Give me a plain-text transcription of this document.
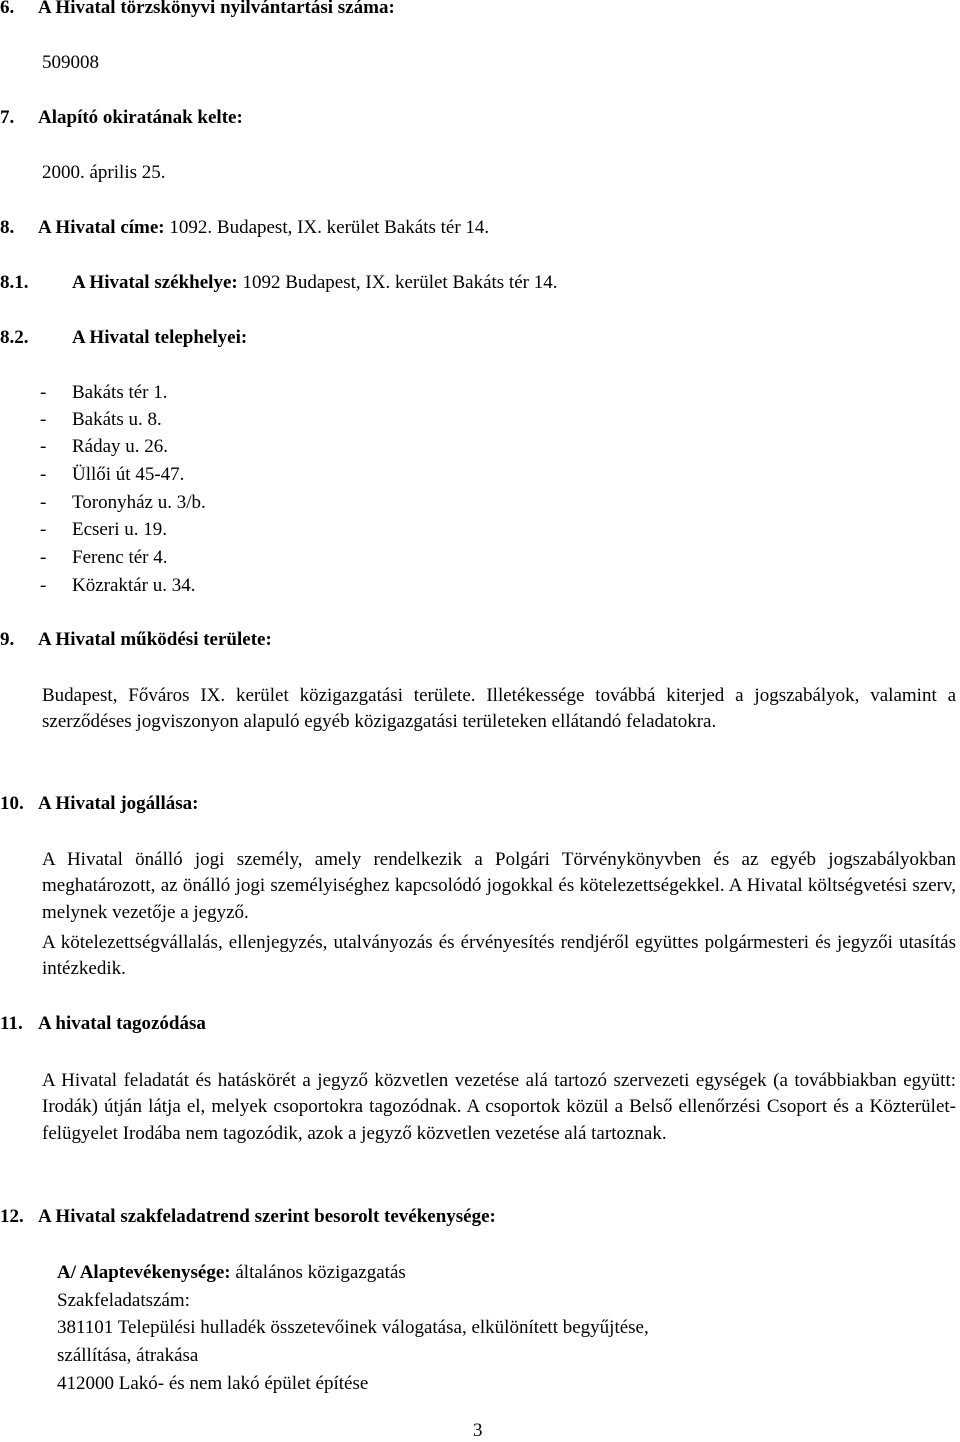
6. A Hivatal törzskönyvi nyilvántartási száma:
509008
7. Alapító okiratának kelte:
2000. április 25.
8. A Hivatal címe: 1092. Budapest, IX. kerület Bakáts tér 14.
8.1. A Hivatal székhelye: 1092 Budapest, IX. kerület Bakáts tér 14.
8.2. A Hivatal telephelyei:
- Bakáts tér 1.
- Bakáts u. 8.
- Ráday u. 26.
- Üllői út 45-47.
- Toronyház u. 3/b.
- Ecseri u. 19.
- Ferenc tér 4.
- Közraktár u. 34.
9. A Hivatal működési területe:
Budapest, Főváros IX. kerület közigazgatási területe. Illetékessége továbbá kiterjed a jogszabályok, valamint a szerződéses jogviszonyon alapuló egyéb közigazgatási területeken ellátandó feladatokra.
10. A Hivatal jogállása:
A Hivatal önálló jogi személy, amely rendelkezik a Polgári Törvénykönyvben és az egyéb jogszabályokban meghatározott, az önálló jogi személyiséghez kapcsolódó jogokkal és kötelezettségekkel. A Hivatal költségvetési szerv, melynek vezetője a jegyző.
A kötelezettségvállalás, ellenjegyzés, utalványozás és érvényesítés rendjéről együttes polgármesteri és jegyzői utasítás intézkedik.
11. A hivatal tagozódása
A Hivatal feladatát és hatáskörét a jegyző közvetlen vezetése alá tartozó szervezeti egységek (a továbbiakban együtt: Irodák) útján látja el, melyek csoportokra tagozódnak. A csoportok közül a Belső ellenőrzési Csoport és a Közterület-felügyelet Irodába nem tagozódik, azok a jegyző közvetlen vezetése alá tartoznak.
12. A Hivatal szakfeladatrend szerint besorolt tevékenysége:
A/ Alaptevékenysége: általános közigazgatás
Szakfeladatszám:
381101 Települési hulladék összetevőinek válogatása, elkülönített begyűjtése,
szállítása, átrakása
412000 Lakó- és nem lakó épület építése
3
